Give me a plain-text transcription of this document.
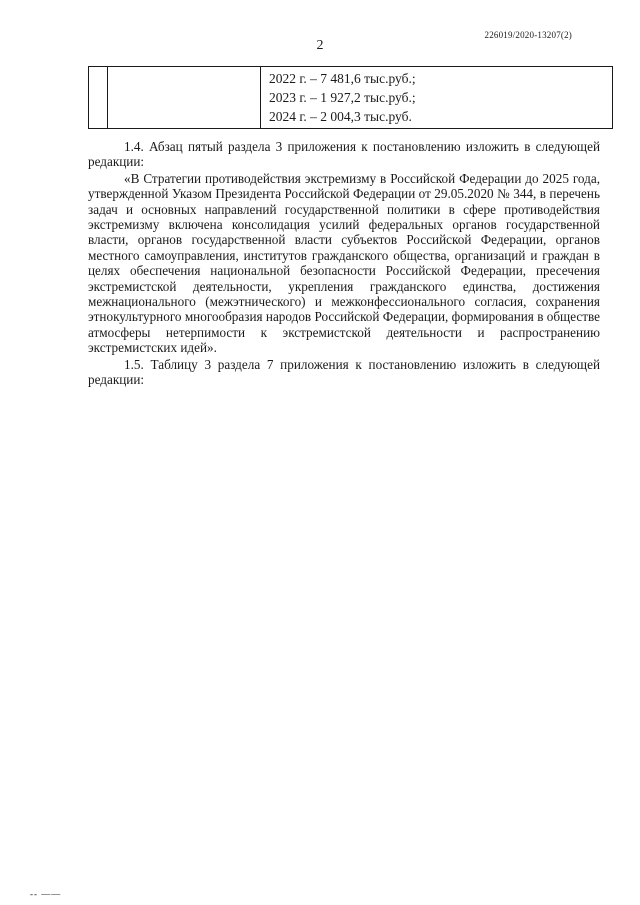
226019/2020-13207(2)
2

2022 г. – 7 481,6 тыс.руб.;
2023 г. – 1 927,2 тыс.руб.;
2024 г. – 2 004,3 тыс.руб.

1.4. Абзац пятый раздела 3 приложения к постановлению изложить в следующей редакции:

«В Стратегии противодействия экстремизму в Российской Федерации до 2025 года, утвержденной Указом Президента Российской Федерации от 29.05.2020 № 344, в перечень задач и основных направлений государственной политики в сфере противодействия экстремизму включена консолидация усилий федеральных органов государственной власти, органов государственной власти субъектов Российской Федерации, органов местного самоуправления, институтов гражданского общества, организаций и граждан в целях обеспечения национальной безопасности Российской Федерации, пресечения экстремистской деятельности, укрепления гражданского единства, достижения межнационального (межэтнического) и межконфессионального согласия, сохранения этнокультурного многообразия народов Российской Федерации, формирования в обществе атмосферы нетерпимости к экстремистской деятельности и распространению экстремистских идей».

1.5. Таблицу 3 раздела 7 приложения к постановлению изложить в следующей редакции:

-- ——
